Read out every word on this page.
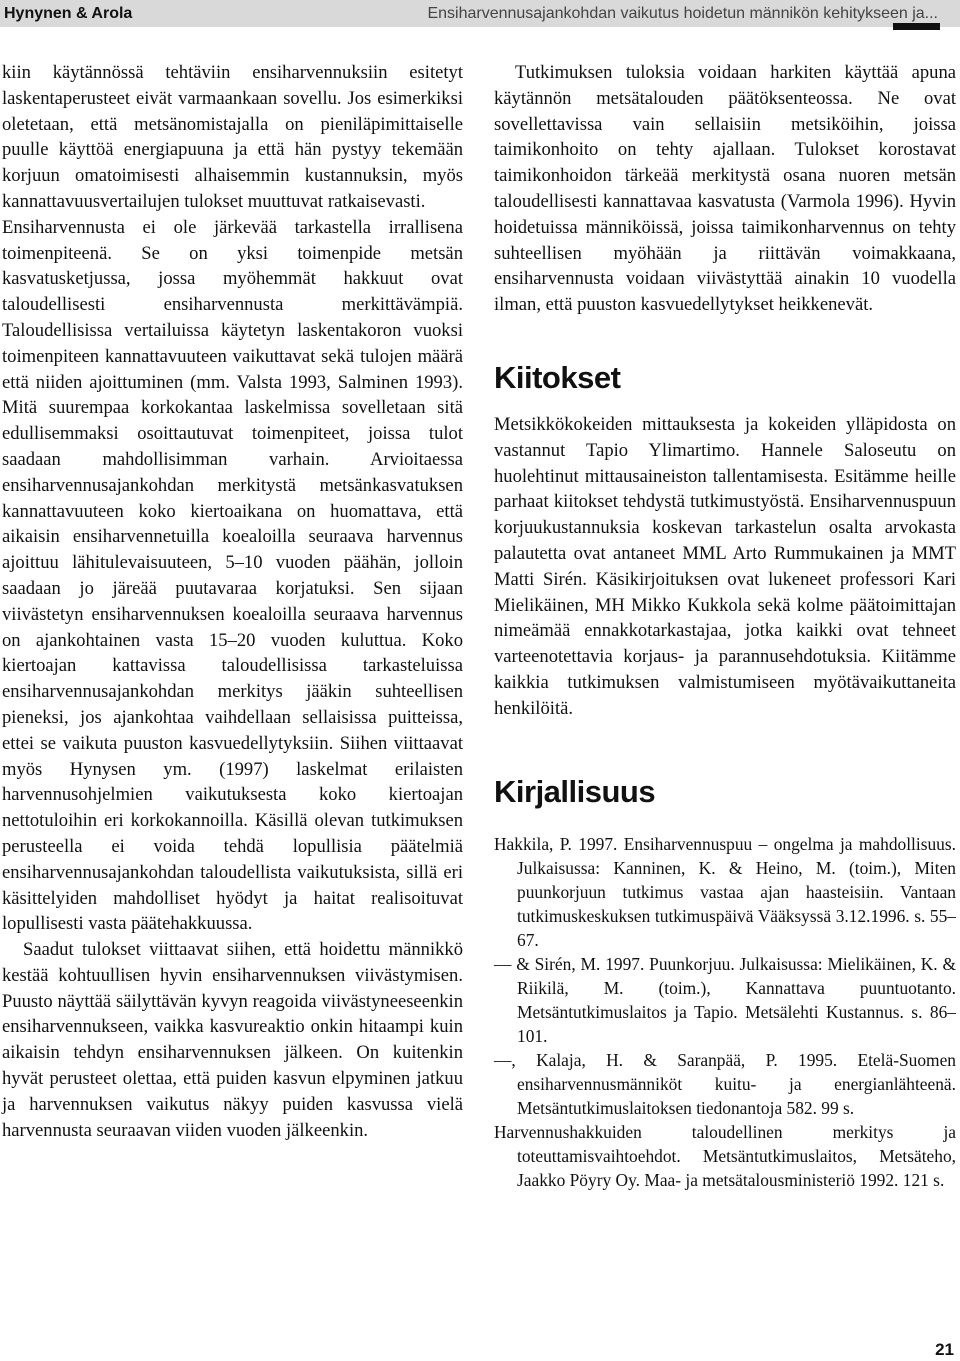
Hynynen & Arola	Ensiharvennusajankohdan vaikutus hoidetun männikön kehitykseen ja...

kiin käytännössä tehtäviin ensiharvennuksiin esitetyt laskentaperusteet eivät varmaankaan sovellu. Jos esimerkiksi oletetaan, että metsänomistajalla on pieniläpimittaiselle puulle käyttöä energiapuuna ja että hän pystyy tekemään korjuun omatoimisesti alhaisemmin kustannuksin, myös kannattavuusvertailujen tulokset muuttuvat ratkaisevasti.

Ensiharvennusta ei ole järkevää tarkastella irrallisena toimenpiteenä. Se on yksi toimenpide metsän kasvatusketjussa, jossa myöhemmät hakkuut ovat taloudellisesti ensiharvennusta merkittävämpiä. Taloudellisissa vertailuissa käytetyn laskentakoron vuoksi toimenpiteen kannattavuuteen vaikuttavat sekä tulojen määrä että niiden ajoittuminen (mm. Valsta 1993, Salminen 1993). Mitä suurempaa korkokantaa laskelmissa sovelletaan sitä edullisemmaksi osoittautuvat toimenpiteet, joissa tulot saadaan mahdollisimman varhain. Arvioitaessa ensiharvennusajankohdan merkitystä metsänkasvatuksen kannattavuuteen koko kiertoaikana on huomattava, että aikaisin ensiharvennetuilla koealoilla seuraava harvennus ajoittuu lähitulevaisuuteen, 5–10 vuoden päähän, jolloin saadaan jo järeää puutavaraa korjatuksi. Sen sijaan viivästetyn ensiharvennuksen koealoilla seuraava harvennus on ajankohtainen vasta 15–20 vuoden kuluttua. Koko kiertoajan kattavissa taloudellisissa tarkasteluissa ensiharvennusajankohdan merkitys jääkin suhteellisen pieneksi, jos ajankohtaa vaihdellaan sellaisissa puitteissa, ettei se vaikuta puuston kasvuedellytyksiin. Siihen viittaavat myös Hynysen ym. (1997) laskelmat erilaisten harvennusohjelmien vaikutuksesta koko kiertoajan nettotuloihin eri korkokannoilla. Käsillä olevan tutkimuksen perusteella ei voida tehdä lopullisia päätelmiä ensiharvennusajankohdan taloudellista vaikutuksista, sillä eri käsittelyiden mahdolliset hyödyt ja haitat realisoituvat lopullisesti vasta päätehakkuussa.

Saadut tulokset viittaavat siihen, että hoidettu männikkö kestää kohtuullisen hyvin ensiharvennuksen viivästymisen. Puusto näyttää säilyttävän kyvyn reagoida viivästyneeseenkin ensiharvennukseen, vaikka kasvureaktio onkin hitaampi kuin aikaisin tehdyn ensiharvennuksen jälkeen. On kuitenkin hyvät perusteet olettaa, että puiden kasvun elpyminen jatkuu ja harvennuksen vaikutus näkyy puiden kasvussa vielä harvennusta seuraavan viiden vuoden jälkeenkin.

Tutkimuksen tuloksia voidaan harkiten käyttää apuna käytännön metsätalouden päätöksenteossa. Ne ovat sovellettavissa vain sellaisiin metsiköihin, joissa taimikonhoito on tehty ajallaan. Tulokset korostavat taimikonhoidon tärkeää merkitystä osana nuoren metsän taloudellisesti kannattavaa kasvatusta (Varmola 1996). Hyvin hoidetuissa männiköissä, joissa taimikonharvennus on tehty suhteellisen myöhään ja riittävän voimakkaana, ensiharvennusta voidaan viivästyttää ainakin 10 vuodella ilman, että puuston kasvuedellytykset heikkenevät.

Kiitokset

Metsikkökokeiden mittauksesta ja kokeiden ylläpidosta on vastannut Tapio Ylimartimo. Hannele Saloseutu on huolehtinut mittausaineiston tallentamisesta. Esitämme heille parhaat kiitokset tehdystä tutkimustyöstä. Ensiharvennuspuun korjuukustannuksia koskevan tarkastelun osalta arvokasta palautetta ovat antaneet MML Arto Rummukainen ja MMT Matti Sirén. Käsikirjoituksen ovat lukeneet professori Kari Mielikäinen, MH Mikko Kukkola sekä kolme päätoimittajan nimeämää ennakkotarkastajaa, jotka kaikki ovat tehneet varteenotettavia korjaus- ja parannusehdotuksia. Kiitämme kaikkia tutkimuksen valmistumiseen myötävaikuttaneita henkilöitä.

Kirjallisuus

Hakkila, P. 1997. Ensiharvennuspuu – ongelma ja mahdollisuus. Julkaisussa: Kanninen, K. & Heino, M. (toim.), Miten puunkorjuun tutkimus vastaa ajan haasteisiin. Vantaan tutkimuskeskuksen tutkimuspäivä Vääksyssä 3.12.1996. s. 55–67.

— & Sirén, M. 1997. Puunkorjuu. Julkaisussa: Mielikäinen, K. & Riikilä, M. (toim.), Kannattava puuntuotanto. Metsäntutkimuslaitos ja Tapio. Metsälehti Kustannus. s. 86–101.

—, Kalaja, H. & Saranpää, P. 1995. Etelä-Suomen ensiharvennusmänniköt kuitu- ja energianlähteenä. Metsäntutkimuslaitoksen tiedonantoja 582. 99 s.

Harvennushakkuiden taloudellinen merkitys ja toteuttamisvaihtoehdot. Metsäntutkimuslaitos, Metsäteho, Jaakko Pöyry Oy. Maa- ja metsätalousministeriö 1992. 121 s.

21
